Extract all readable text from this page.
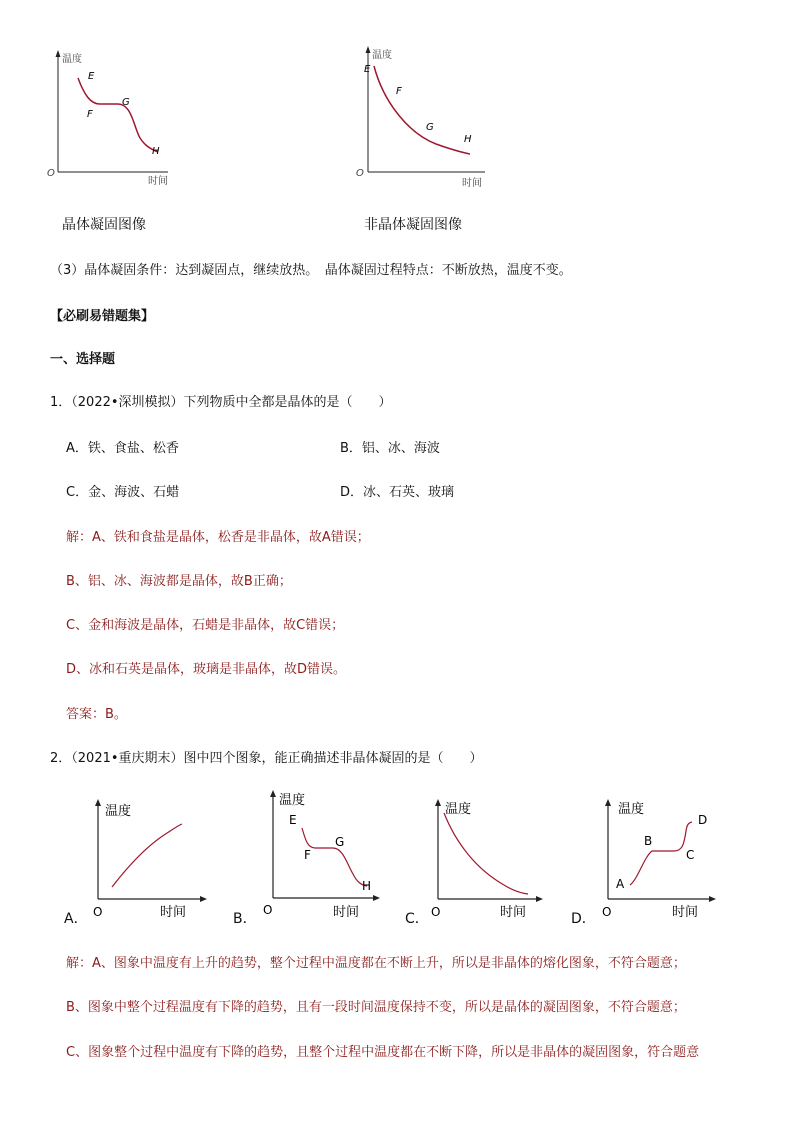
温度
时间
O
E
F
G
H
晶体凝固图像
温度
时间
O
E
F
G
H
非晶体凝固图像
（3）晶体凝固条件：达到凝固点，继续放热。　晶体凝固过程特点：不断放热，温度不变。
【必刷易错题集】
一、选择题
1．（2022•深圳模拟）下列物质中全都是晶体的是（　　）
A．铁、食盐、松香	B．铝、冰、海波
C．金、海波、石蜡	D．冰、石英、玻璃
解：A、铁和食盐是晶体，松香是非晶体，故A错误；
B、铝、冰、海波都是晶体，故B正确；
C、金和海波是晶体，石蜡是非晶体，故C错误；
D、冰和石英是晶体，玻璃是非晶体，故D错误。
答案：B。
2．（2021•重庆期末）图中四个图象，能正确描述非晶体凝固的是（　　）
A．
温度
时间
O	B．
温度
时间
O
E
F
G
H
C．
温度
时间
O	D．
温度
时间
O
A
B
C
D
解：A、图象中温度有上升的趋势，整个过程中温度都在不断上升，所以是非晶体的熔化图象，不符合题意；
B、图象中整个过程温度有下降的趋势，且有一段时间温度保持不变，所以是晶体的凝固图象，不符合题意；
C、图象整个过程中温度有下降的趋势，且整个过程中温度都在不断下降，所以是非晶体的凝固图象，符合题意
